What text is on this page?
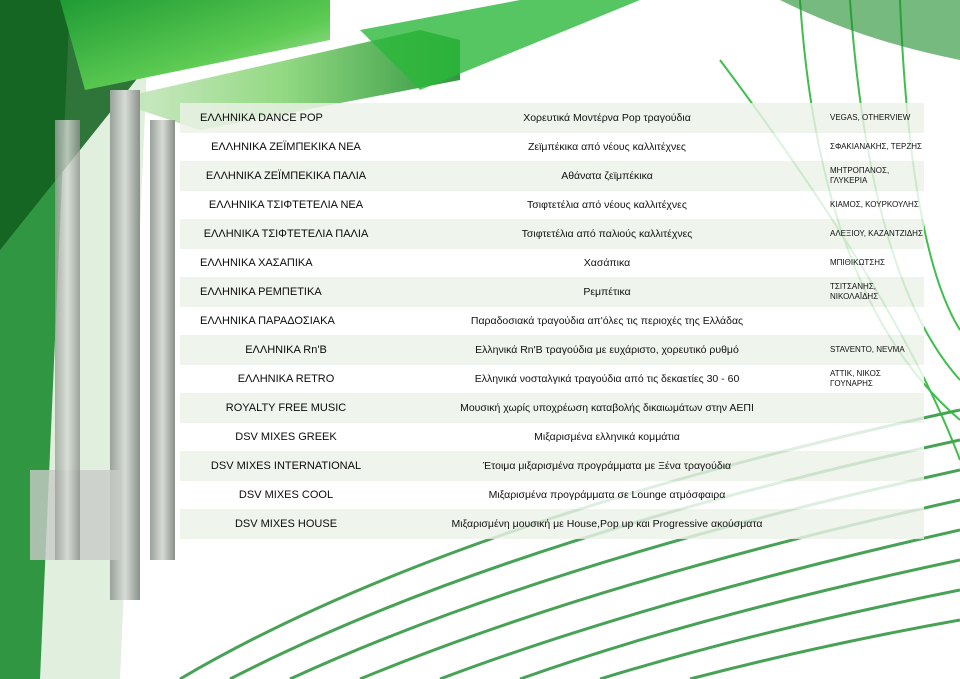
ΕΛΛΗΝΙΚΑ DANCE POP	Χορευτικά Μοντέρνα Pop τραγούδια	VEGAS, OTHERVIEW
ΕΛΛΗΝΙΚΑ ΖΕΪΜΠΕΚΙΚΑ ΝΕΑ	Ζεϊμπέκικα από νέους καλλιτέχνες	ΣΦΑΚΙΑΝΑΚΗΣ, ΤΕΡΖΗΣ
ΕΛΛΗΝΙΚΑ ΖΕΪΜΠΕΚΙΚΑ ΠΑΛΙΑ	Αθάνατα ζεϊμπέκικα	ΜΗΤΡΟΠΑΝΟΣ, ΓΛΥΚΕΡΙΑ
ΕΛΛΗΝΙΚΑ ΤΣΙΦΤΕΤΕΛΙΑ ΝΕΑ	Τσιφτετέλια από νέους καλλιτέχνες	ΚΙΑΜΟΣ, ΚΟΥΡΚΟΥΛΗΣ
ΕΛΛΗΝΙΚΑ ΤΣΙΦΤΕΤΕΛΙΑ ΠΑΛΙΑ	Τσιφτετέλια από παλιούς καλλιτέχνες	ΑΛΕΞΙΟΥ, ΚΑΖΑΝΤΖΙΔΗΣ
ΕΛΛΗΝΙΚΑ ΧΑΣΑΠΙΚΑ	Χασάπικα	ΜΠΙΘΙΚΩΤΣΗΣ
ΕΛΛΗΝΙΚΑ ΡΕΜΠΕΤΙΚΑ	Ρεμπέτικα	ΤΣΙΤΣΑΝΗΣ, ΝΙΚΟΛΑΪΔΗΣ
ΕΛΛΗΝΙΚΑ ΠΑΡΑΔΟΣΙΑΚΑ	Παραδοσιακά τραγούδια απ'όλες τις περιοχές της Ελλάδας
ΕΛΛΗΝΙΚΑ Rn'B	Ελληνικά Rn'B τραγούδια με ευχάριστο, χορευτικό ρυθμό	STAVENTO, NEVMA
ΕΛΛΗΝΙΚΑ RETRO	Ελληνικά νοσταλγικά τραγούδια από τις δεκαετίες 30 - 60	ΑΤΤΙΚ, ΝΙΚΟΣ ΓΟΥΝΑΡΗΣ
ROYALTY FREE MUSIC	Μουσική χωρίς υποχρέωση καταβολής δικαιωμάτων στην ΑΕΠΙ
DSV MIXES GREEK	Μιξαρισμένα ελληνικά κομμάτια
DSV MIXES INTERNATIONAL	Έτοιμα μιξαρισμένα προγράμματα με Ξένα τραγούδια
DSV MIXES COOL	Μιξαρισμένα προγράμματα σε Lounge ατμόσφαιρα
DSV MIXES HOUSE	Μιξαρισμένη μουσική με House,Pop up και Progressive ακούσματα
